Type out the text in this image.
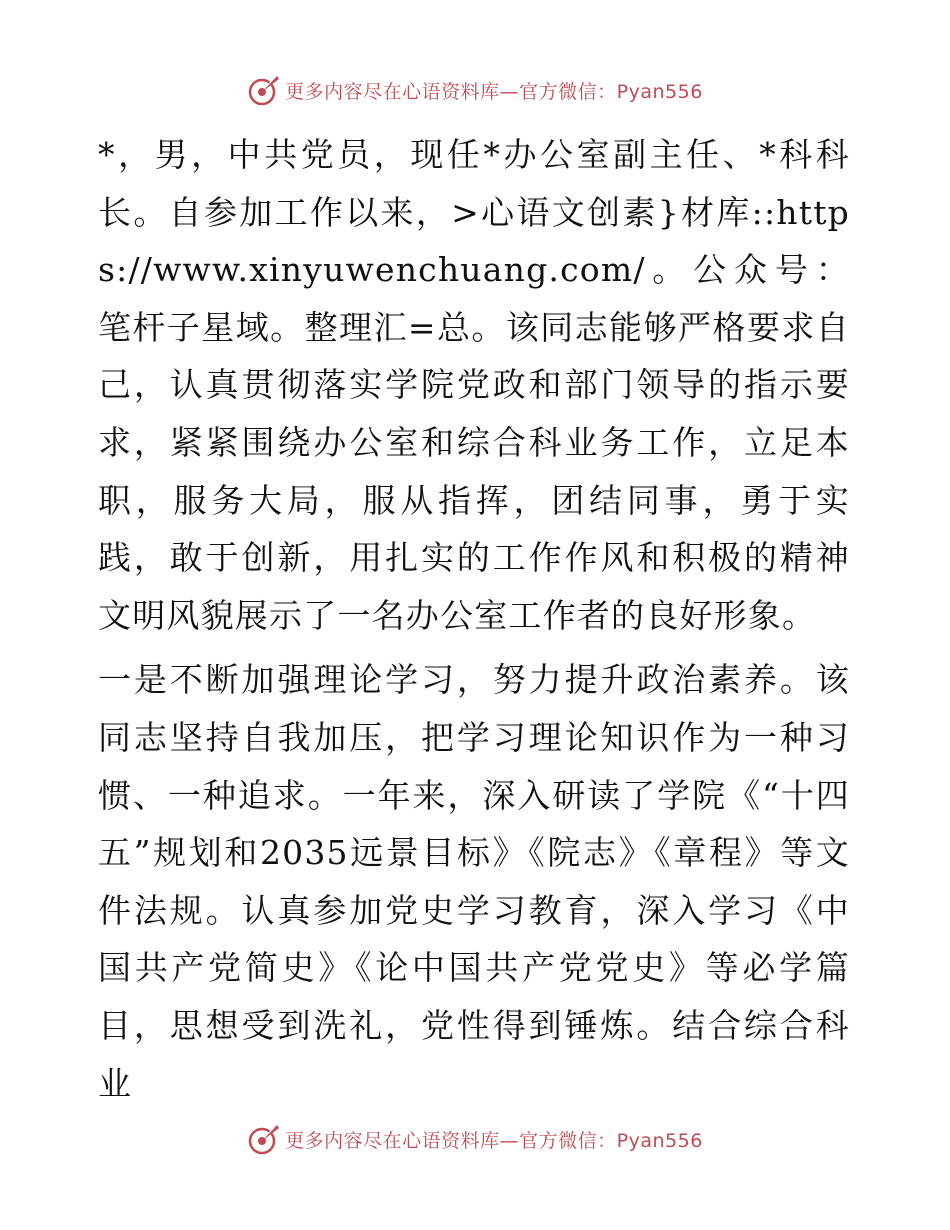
更多内容尽在心语资料库—官方微信：Pyan556

*，男，中共党员，现任*办公室副主任、*科科长。自参加工作以来，>心语文创素}材库::https://www.xinyuwenchuang.com/。公众号：笔杆子星域。整理汇=总。该同志能够严格要求自己，认真贯彻落实学院党政和部门领导的指示要求，紧紧围绕办公室和综合科业务工作，立足本职，服务大局，服从指挥，团结同事，勇于实践，敢于创新，用扎实的工作作风和积极的精神文明风貌展示了一名办公室工作者的良好形象。

一是不断加强理论学习，努力提升政治素养。该同志坚持自我加压，把学习理论知识作为一种习惯、一种追求。一年来，深入研读了学院《“十四五”规划和2035远景目标》《院志》《章程》等文件法规。认真参加党史学习教育，深入学习《中国共产党简史》《论中国共产党党史》等必学篇目，思想受到洗礼，党性得到锤炼。结合综合科业

更多内容尽在心语资料库—官方微信：Pyan556
